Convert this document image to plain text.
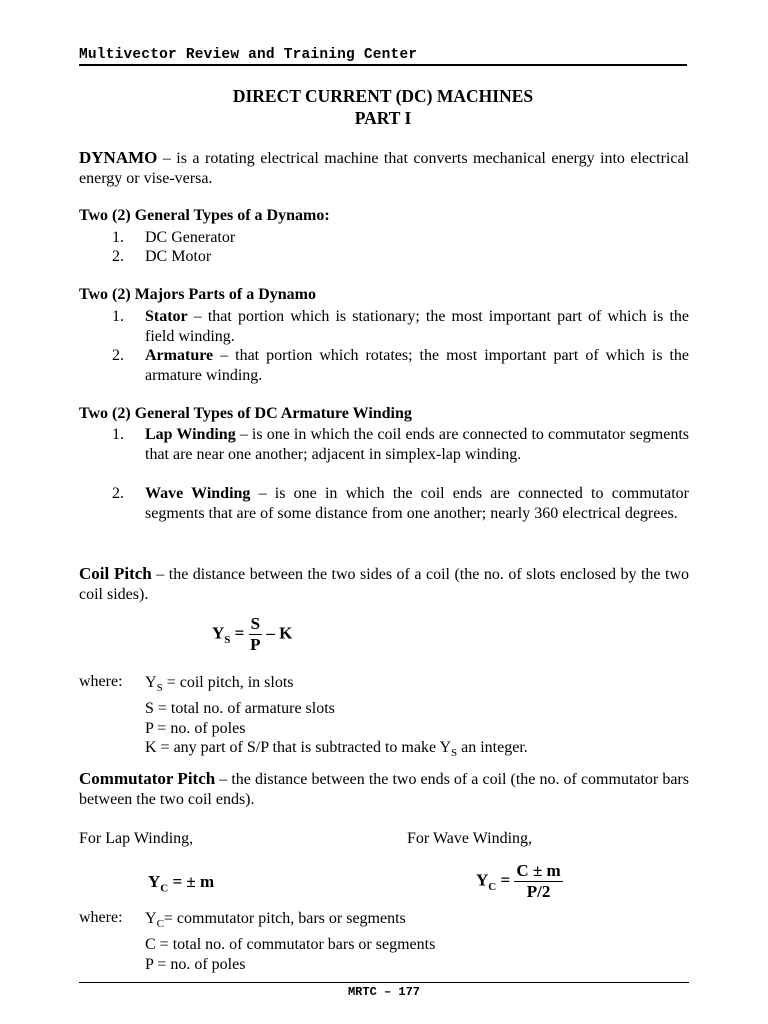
Multivector Review and Training Center
DIRECT CURRENT (DC) MACHINES
PART I
DYNAMO – is a rotating electrical machine that converts mechanical energy into electrical energy or vise-versa.
Two (2) General Types of a Dynamo:
1.	DC Generator
2.	DC Motor
Two (2) Majors Parts of a Dynamo
1.	Stator – that portion which is stationary; the most important part of which is the field winding.
2.	Armature – that portion which rotates; the most important part of which is the armature winding.
Two (2) General Types of DC Armature Winding
1.	Lap Winding – is one in which the coil ends are connected to commutator segments that are near one another; adjacent in simplex-lap winding.
2.	Wave Winding – is one in which the coil ends are connected to commutator segments that are of some distance from one another; nearly 360 electrical degrees.
Coil Pitch – the distance between the two sides of a coil (the no. of slots enclosed by the two coil sides).
$Y_S = \frac{S}{P} - K$
where: $Y_S$ = coil pitch, in slots
S = total no. of armature slots
P = no. of poles
K = any part of S/P that is subtracted to make $Y_S$ an integer.
Commutator Pitch – the distance between the two ends of a coil (the no. of commutator bars between the two coil ends).
For Lap Winding,	For Wave Winding,
$Y_C$ = ± m	$Y_C = \frac{C \pm m}{P/2}$
where: $Y_C=$ commutator pitch, bars or segments
C = total no. of commutator bars or segments
P = no. of poles
MRTC – 177
